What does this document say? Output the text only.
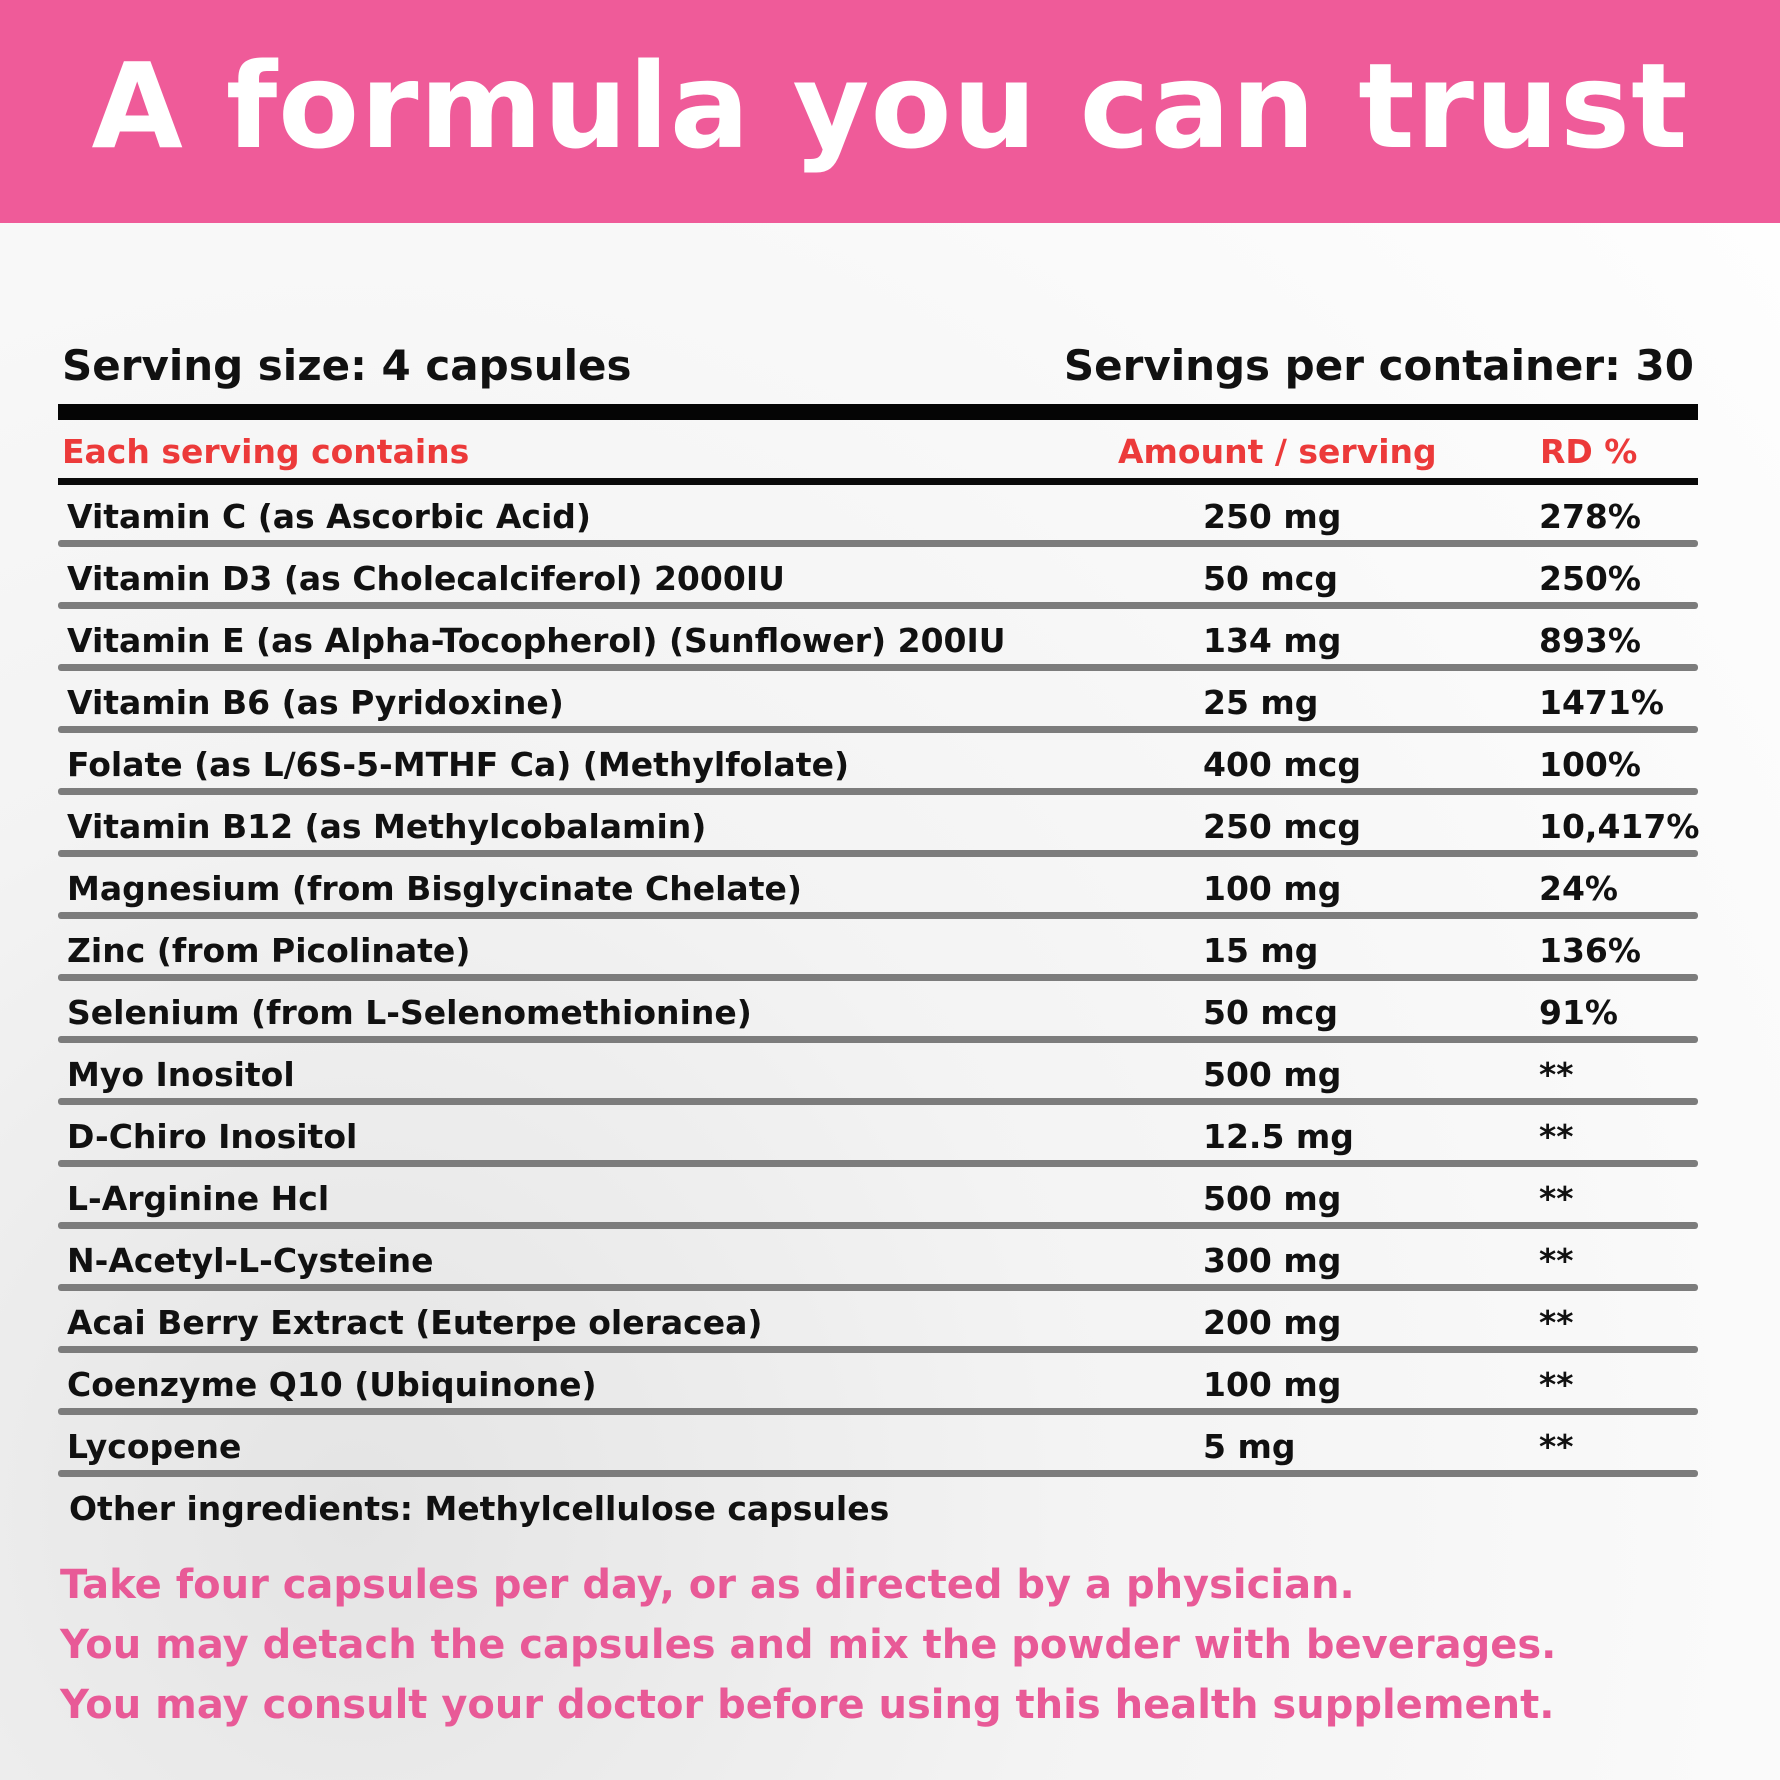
A formula you can trust
Serving size: 4 capsules	Servings per container: 30
Each serving contains	Amount / serving	RD %
Vitamin C (as Ascorbic Acid)	250 mg	278%
Vitamin D3 (as Cholecalciferol) 2000IU	50 mcg	250%
Vitamin E (as Alpha-Tocopherol) (Sunflower) 200IU	134 mg	893%
Vitamin B6 (as Pyridoxine)	25 mg	1471%
Folate (as L/6S-5-MTHF Ca) (Methylfolate)	400 mcg	100%
Vitamin B12 (as Methylcobalamin)	250 mcg	10,417%
Magnesium (from Bisglycinate Chelate)	100 mg	24%
Zinc (from Picolinate)	15 mg	136%
Selenium (from L-Selenomethionine)	50 mcg	91%
Myo Inositol	500 mg	**
D-Chiro Inositol	12.5 mg	**
L-Arginine Hcl	500 mg	**
N-Acetyl-L-Cysteine	300 mg	**
Acai Berry Extract (Euterpe oleracea)	200 mg	**
Coenzyme Q10 (Ubiquinone)	100 mg	**
Lycopene	5 mg	**
Other ingredients: Methylcellulose capsules
Take four capsules per day, or as directed by a physician.
You may detach the capsules and mix the powder with beverages.
You may consult your doctor before using this health supplement.
